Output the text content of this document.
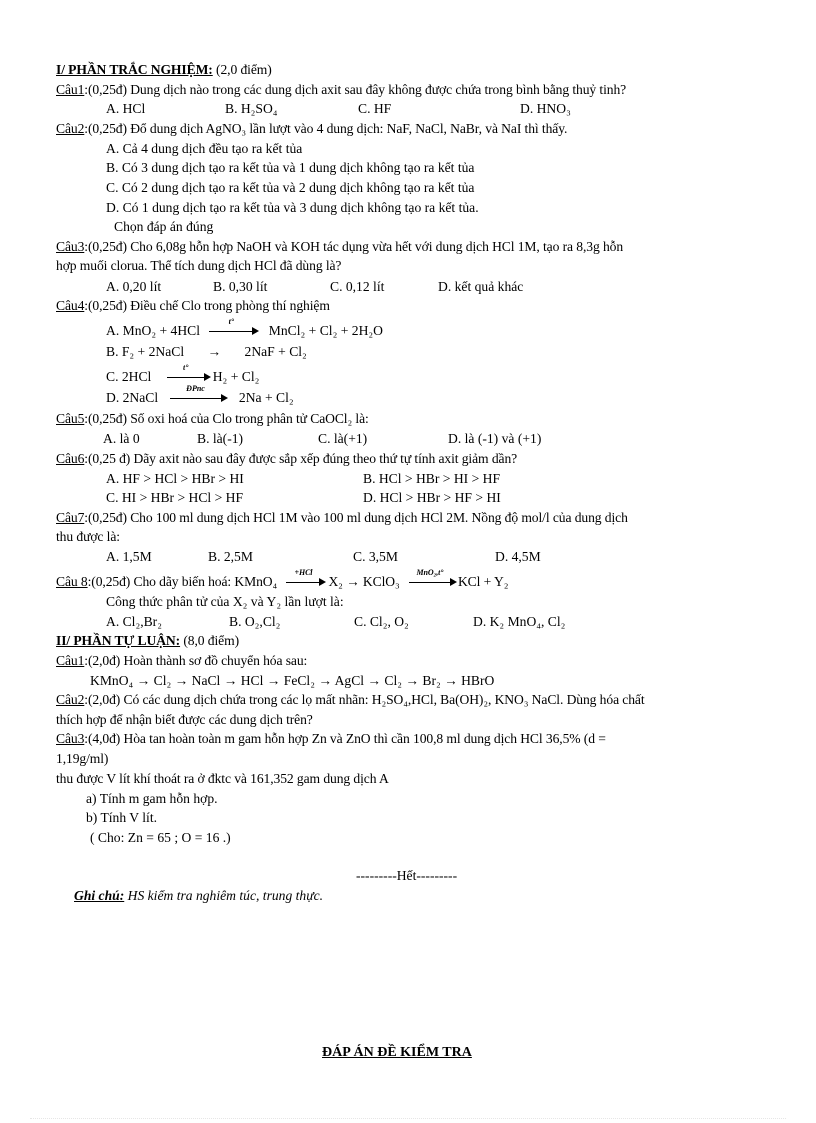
I/ PHẦN TRẮC NGHIỆM: (2,0 điểm)
Câu1:(0,25đ) Dung dịch nào trong các dung dịch axit sau đây không được chứa trong bình bằng thuỷ tinh?
A. HCl	B. H₂SO₄	C. HF	D. HNO₃
Câu2:(0,25đ) Đổ dung dịch AgNO₃ lần lượt vào 4 dung dịch: NaF, NaCl, NaBr, và NaI thì thấy.
A. Cả 4 dung dịch đều tạo ra kết tủa
B. Có 3 dung dịch tạo ra kết tủa và 1 dung dịch không tạo ra kết tủa
C. Có 2 dung dịch tạo ra kết tủa và 2 dung dịch không tạo ra kết tủa
D. Có 1 dung dịch tạo ra kết tủa và 3 dung dịch không tạo ra kết tủa.
Chọn đáp án đúng
Câu3:(0,25đ) Cho 6,08g hỗn hợp NaOH và KOH tác dụng vừa hết với dung dịch HCl 1M, tạo ra 8,3g hỗn
hợp muối clorua. Thể tích dung dịch HCl đã dùng là?
A. 0,20 lít	B. 0,30 lít	C. 0,12 lít	D. kết quả khác
Câu4:(0,25đ) Điều chế Clo trong phòng thí nghiệm
A. MnO₂ + 4HCl
t°
MnCl₂ + Cl₂ + 2H₂O
B. F₂ + 2NaCl → 2NaF + Cl₂
C. 2HCl
t°
H₂ + Cl₂
D. 2NaCl
ĐPnc
2Na + Cl₂
Câu5:(0,25đ) Số oxi hoá của Clo trong phân tử CaOCl₂ là:
A. là 0	B. là(-1)	C. là(+1)	D. là (-1) và (+1)
Câu6:(0,25 đ) Dãy axit nào sau đây được sắp xếp đúng theo thứ tự tính axit giảm dần?
A. HF > HCl > HBr > HI	B. HCl > HBr > HI > HF
C. HI > HBr > HCl > HF	D. HCl > HBr > HF > HI
Câu7:(0,25đ) Cho 100 ml dung dịch HCl 1M vào 100 ml dung dịch HCl 2M. Nồng độ mol/l của dung dịch
thu được là:
A. 1,5M	B. 2,5M	C. 3,5M	D. 4,5M
Câu 8:(0,25đ) Cho dãy biến hoá: KMnO₄
+HCl
X₂ → KClO₃
MnO₂,t°
KCl + Y₂
Công thức phân tử của X₂ và Y₂ lần lượt là:
A. Cl₂,Br₂	B. O₂,Cl₂	C. Cl₂, O₂	D. K₂ MnO₄, Cl₂
II/ PHẦN TỰ LUẬN: (8,0 điểm)
Câu1:(2,0đ) Hoàn thành sơ đồ chuyển hóa sau:
KMnO₄ → Cl₂ → NaCl → HCl → FeCl₂ → AgCl → Cl₂ → Br₂ → HBrO
Câu2:(2,0đ) Có các dung dịch chứa trong các lọ mất nhãn: H₂SO₄,HCl, Ba(OH)₂, KNO₃ NaCl. Dùng hóa chất
thích hợp để nhận biết được các dung dịch trên?
Câu3:(4,0đ) Hòa tan hoàn toàn m gam hỗn hợp Zn và ZnO thì cần 100,8 ml dung dịch HCl 36,5% (d =
1,19g/ml)
thu được V lít khí thoát ra ở đktc và 161,352 gam dung dịch A
a) Tính m gam hỗn hợp.
b) Tính V lít.
( Cho: Zn = 65 ; O = 16 .)
---------Hết---------
Ghi chú: HS kiểm tra nghiêm túc, trung thực.
ĐÁP ÁN ĐỀ KIỂM TRA
